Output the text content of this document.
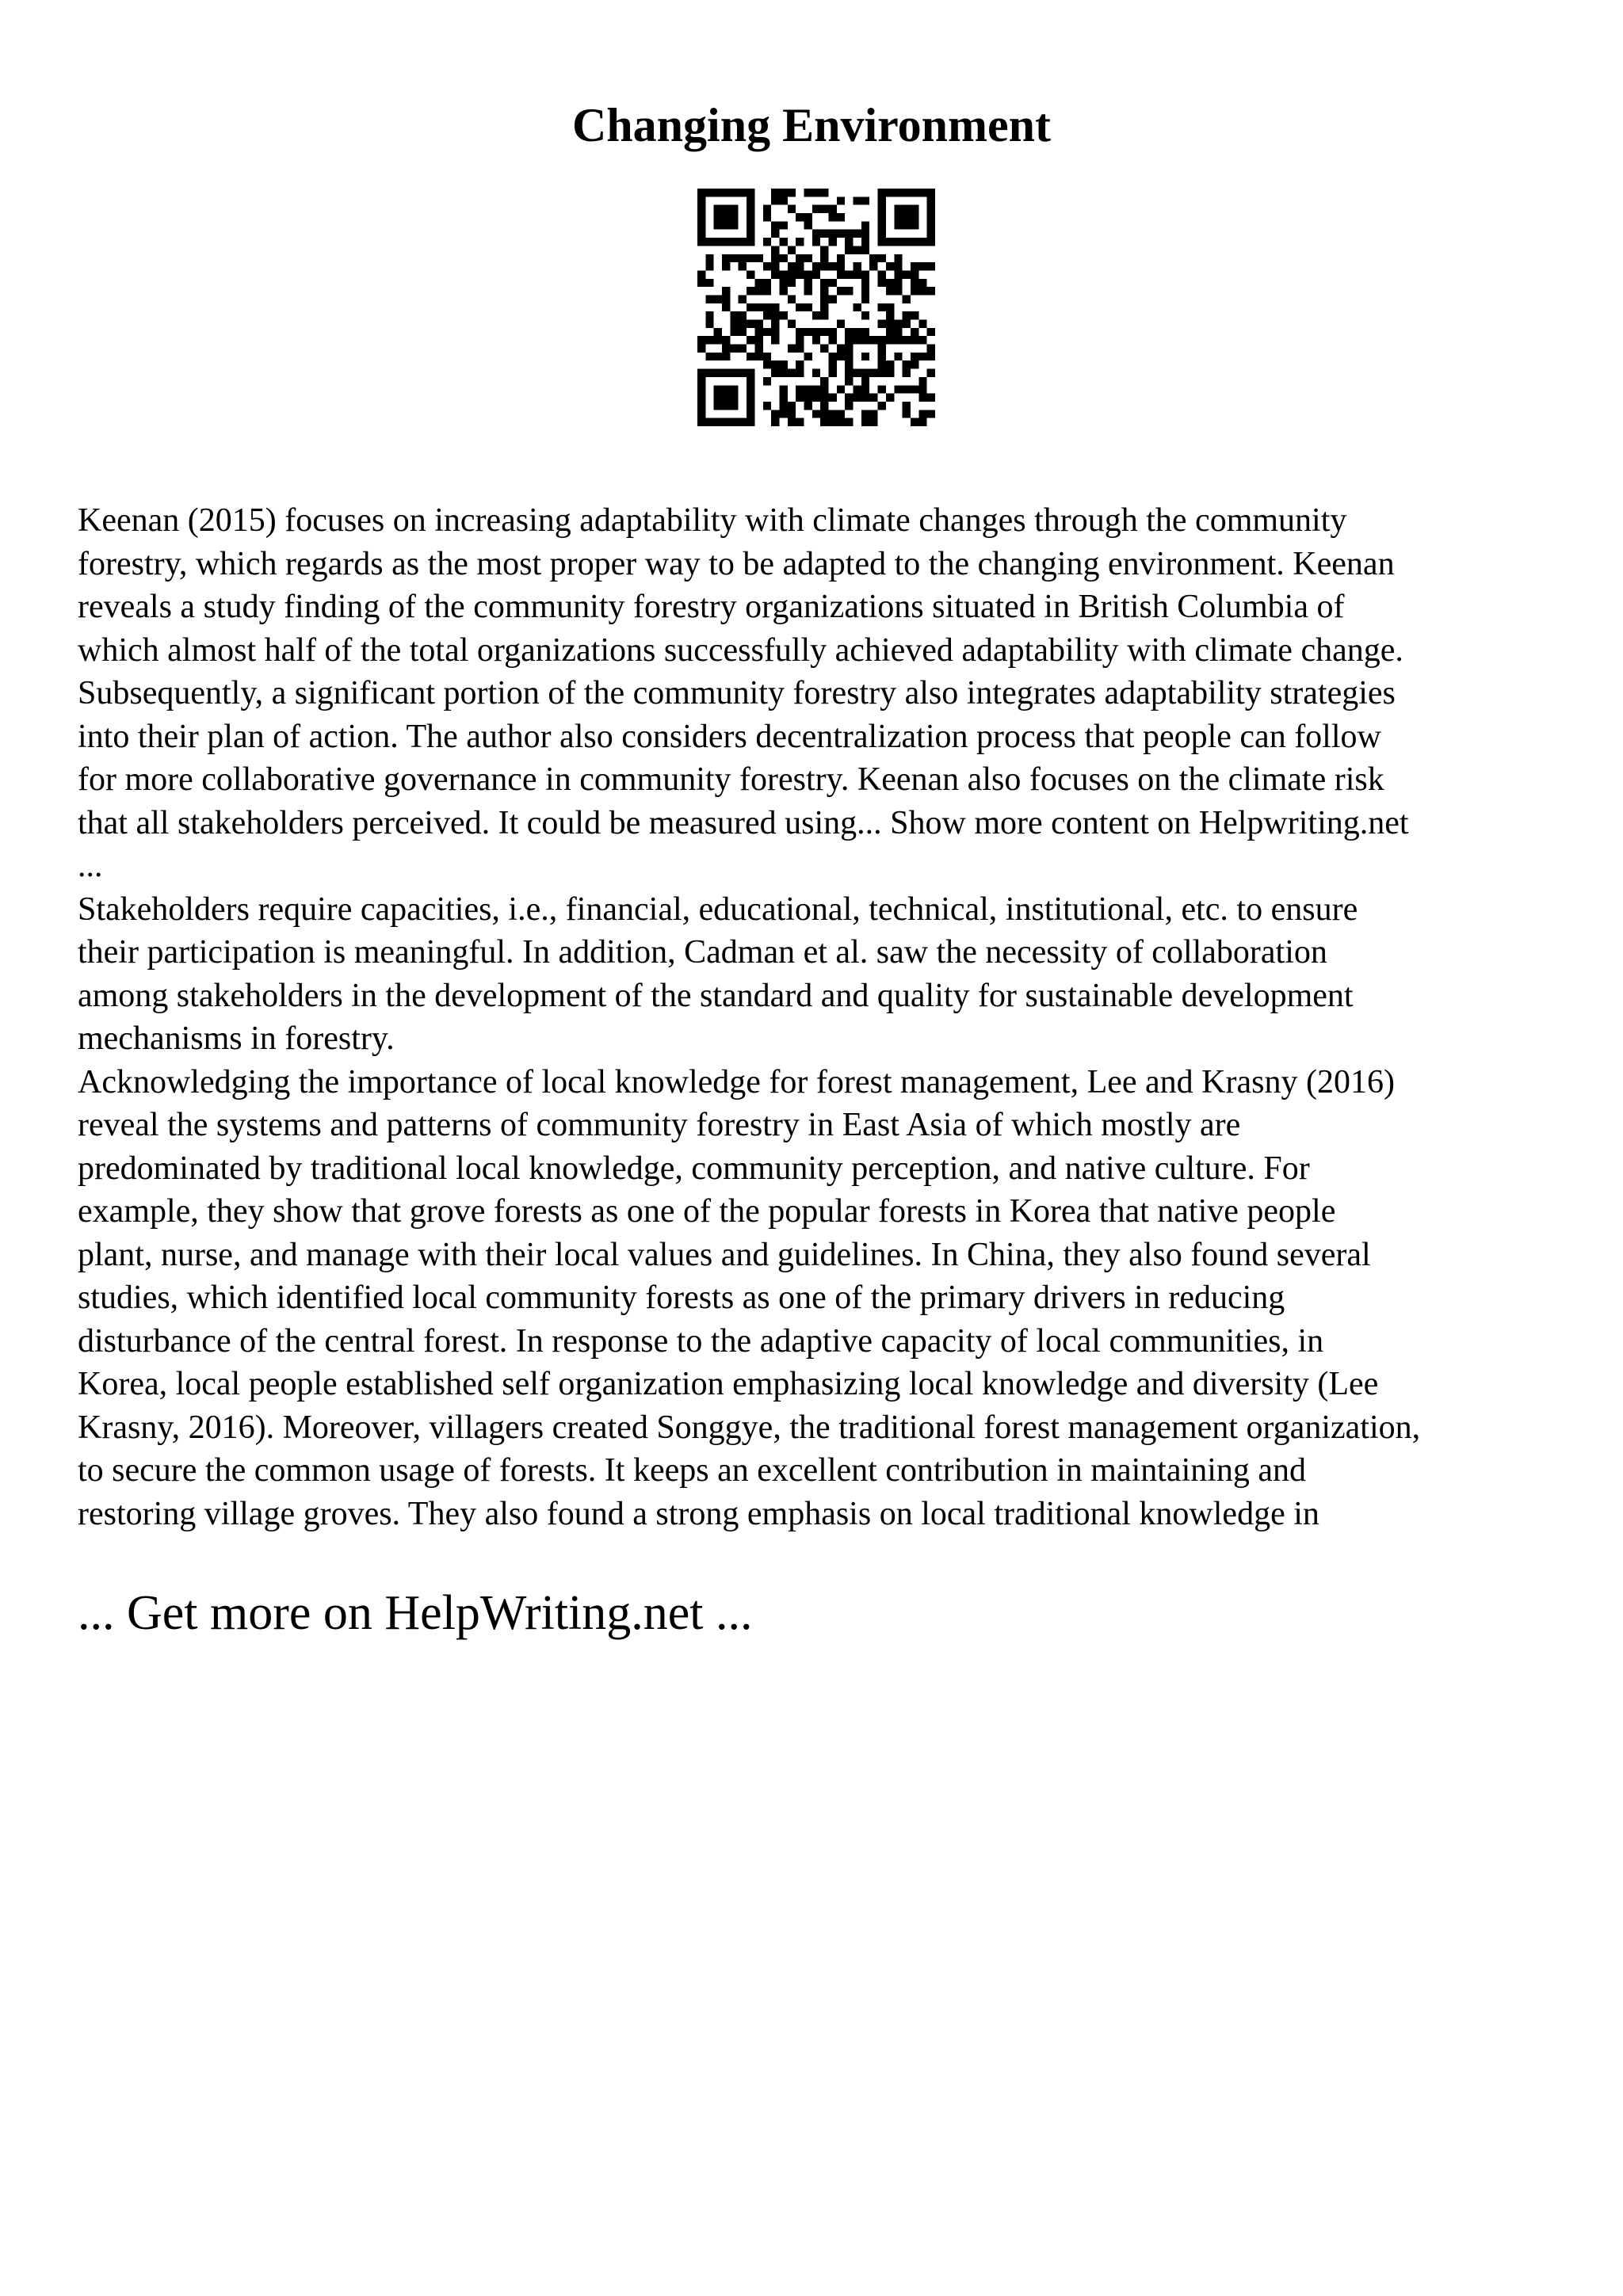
Changing Environment
Keenan (2015) focuses on increasing adaptability with climate changes through the community
forestry, which regards as the most proper way to be adapted to the changing environment. Keenan
reveals a study finding of the community forestry organizations situated in British Columbia of
which almost half of the total organizations successfully achieved adaptability with climate change.
Subsequently, a significant portion of the community forestry also integrates adaptability strategies
into their plan of action. The author also considers decentralization process that people can follow
for more collaborative governance in community forestry. Keenan also focuses on the climate risk
that all stakeholders perceived. It could be measured using... Show more content on Helpwriting.net
...
Stakeholders require capacities, i.e., financial, educational, technical, institutional, etc. to ensure
their participation is meaningful. In addition, Cadman et al. saw the necessity of collaboration
among stakeholders in the development of the standard and quality for sustainable development
mechanisms in forestry.
Acknowledging the importance of local knowledge for forest management, Lee and Krasny (2016)
reveal the systems and patterns of community forestry in East Asia of which mostly are
predominated by traditional local knowledge, community perception, and native culture. For
example, they show that grove forests as one of the popular forests in Korea that native people
plant, nurse, and manage with their local values and guidelines. In China, they also found several
studies, which identified local community forests as one of the primary drivers in reducing
disturbance of the central forest. In response to the adaptive capacity of local communities, in
Korea, local people established self organization emphasizing local knowledge and diversity (Lee
Krasny, 2016). Moreover, villagers created Songgye, the traditional forest management organization,
to secure the common usage of forests. It keeps an excellent contribution in maintaining and
restoring village groves. They also found a strong emphasis on local traditional knowledge in
... Get more on HelpWriting.net ...
